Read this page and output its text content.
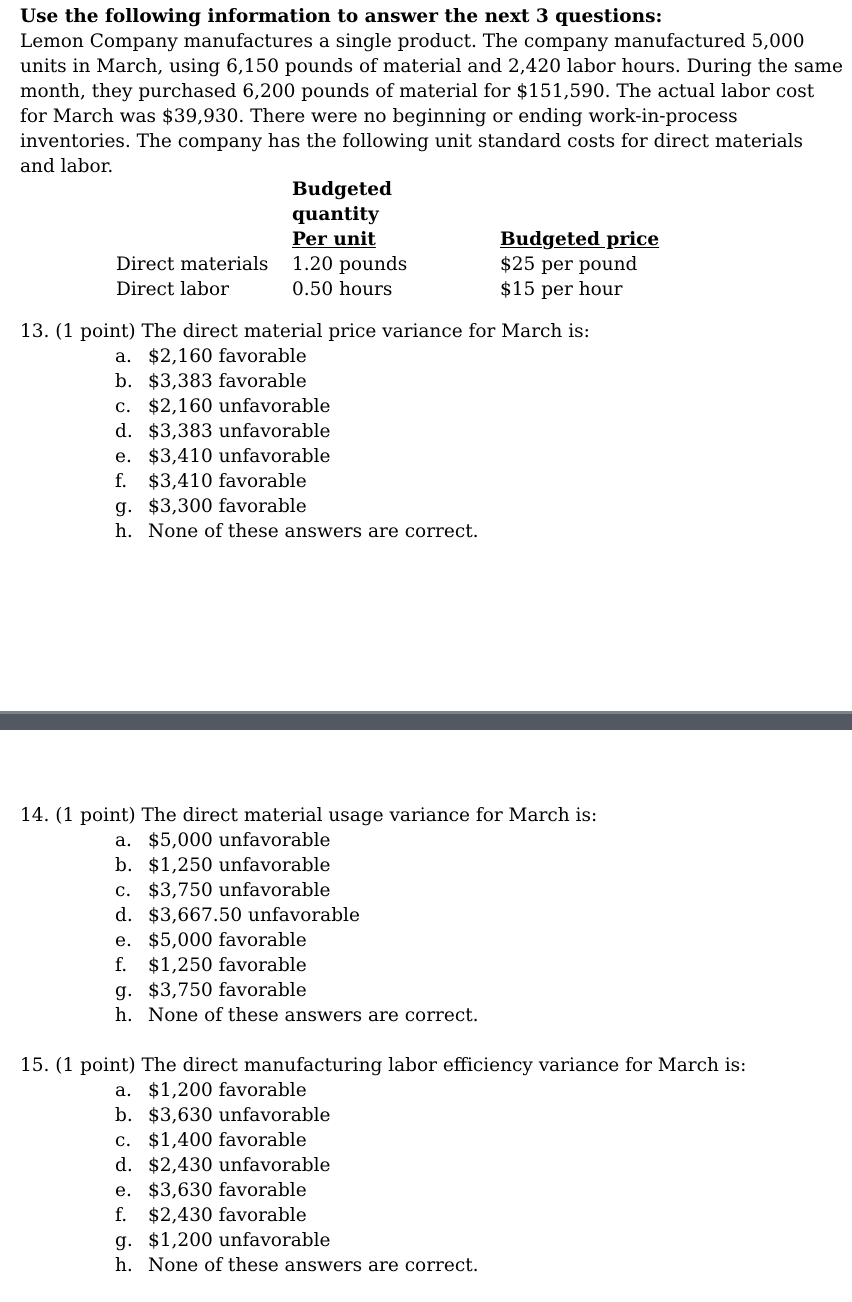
Use the following information to answer the next 3 questions:
Lemon Company manufactures a single product. The company manufactured 5,000
units in March, using 6,150 pounds of material and 2,420 labor hours. During the same
month, they purchased 6,200 pounds of material for $151,590. The actual labor cost
for March was $39,930. There were no beginning or ending work-in-process
inventories. The company has the following unit standard costs for direct materials
and labor.
Budgeted
quantity
Per unit	Budgeted price
Direct materials 1.20 pounds	$25 per pound
Direct labor	0.50 hours	$15 per hour
13. (1 point) The direct material price variance for March is:
a. $2,160 favorable
b. $3,383 favorable
c. $2,160 unfavorable
d. $3,383 unfavorable
e. $3,410 unfavorable
f. $3,410 favorable
g. $3,300 favorable
h. None of these answers are correct.
14. (1 point) The direct material usage variance for March is:
a. $5,000 unfavorable
b. $1,250 unfavorable
c. $3,750 unfavorable
d. $3,667.50 unfavorable
e. $5,000 favorable
f. $1,250 favorable
g. $3,750 favorable
h. None of these answers are correct.
15. (1 point) The direct manufacturing labor efficiency variance for March is:
a. $1,200 favorable
b. $3,630 unfavorable
c. $1,400 favorable
d. $2,430 unfavorable
e. $3,630 favorable
f. $2,430 favorable
g. $1,200 unfavorable
h. None of these answers are correct.
